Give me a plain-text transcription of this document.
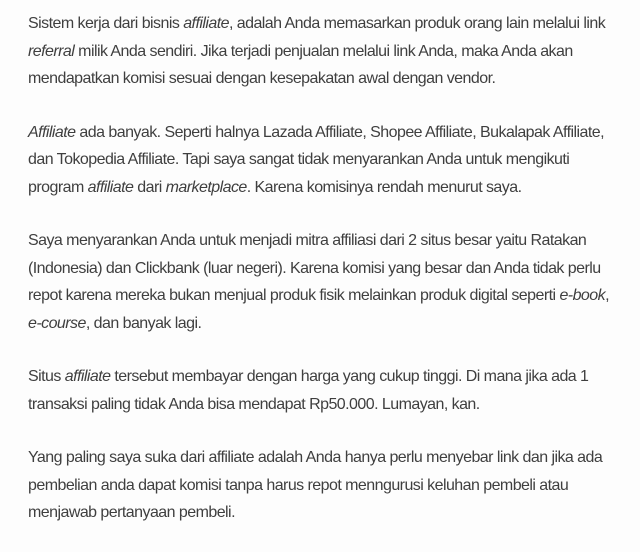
Sistem kerja dari bisnis affiliate, adalah Anda memasarkan produk orang lain melalui link referral milik Anda sendiri. Jika terjadi penjualan melalui link Anda, maka Anda akan mendapatkan komisi sesuai dengan kesepakatan awal dengan vendor.

Affiliate ada banyak. Seperti halnya Lazada Affiliate, Shopee Affiliate, Bukalapak Affiliate, dan Tokopedia Affiliate. Tapi saya sangat tidak menyarankan Anda untuk mengikuti program affiliate dari marketplace. Karena komisinya rendah menurut saya.

Saya menyarankan Anda untuk menjadi mitra affiliasi dari 2 situs besar yaitu Ratakan (Indonesia) dan Clickbank (luar negeri). Karena komisi yang besar dan Anda tidak perlu repot karena mereka bukan menjual produk fisik melainkan produk digital seperti e-book, e-course, dan banyak lagi.

Situs affiliate tersebut membayar dengan harga yang cukup tinggi. Di mana jika ada 1 transaksi paling tidak Anda bisa mendapat Rp50.000. Lumayan, kan.

Yang paling saya suka dari affiliate adalah Anda hanya perlu menyebar link dan jika ada pembelian anda dapat komisi tanpa harus repot menngurusi keluhan pembeli atau menjawab pertanyaan pembeli.
